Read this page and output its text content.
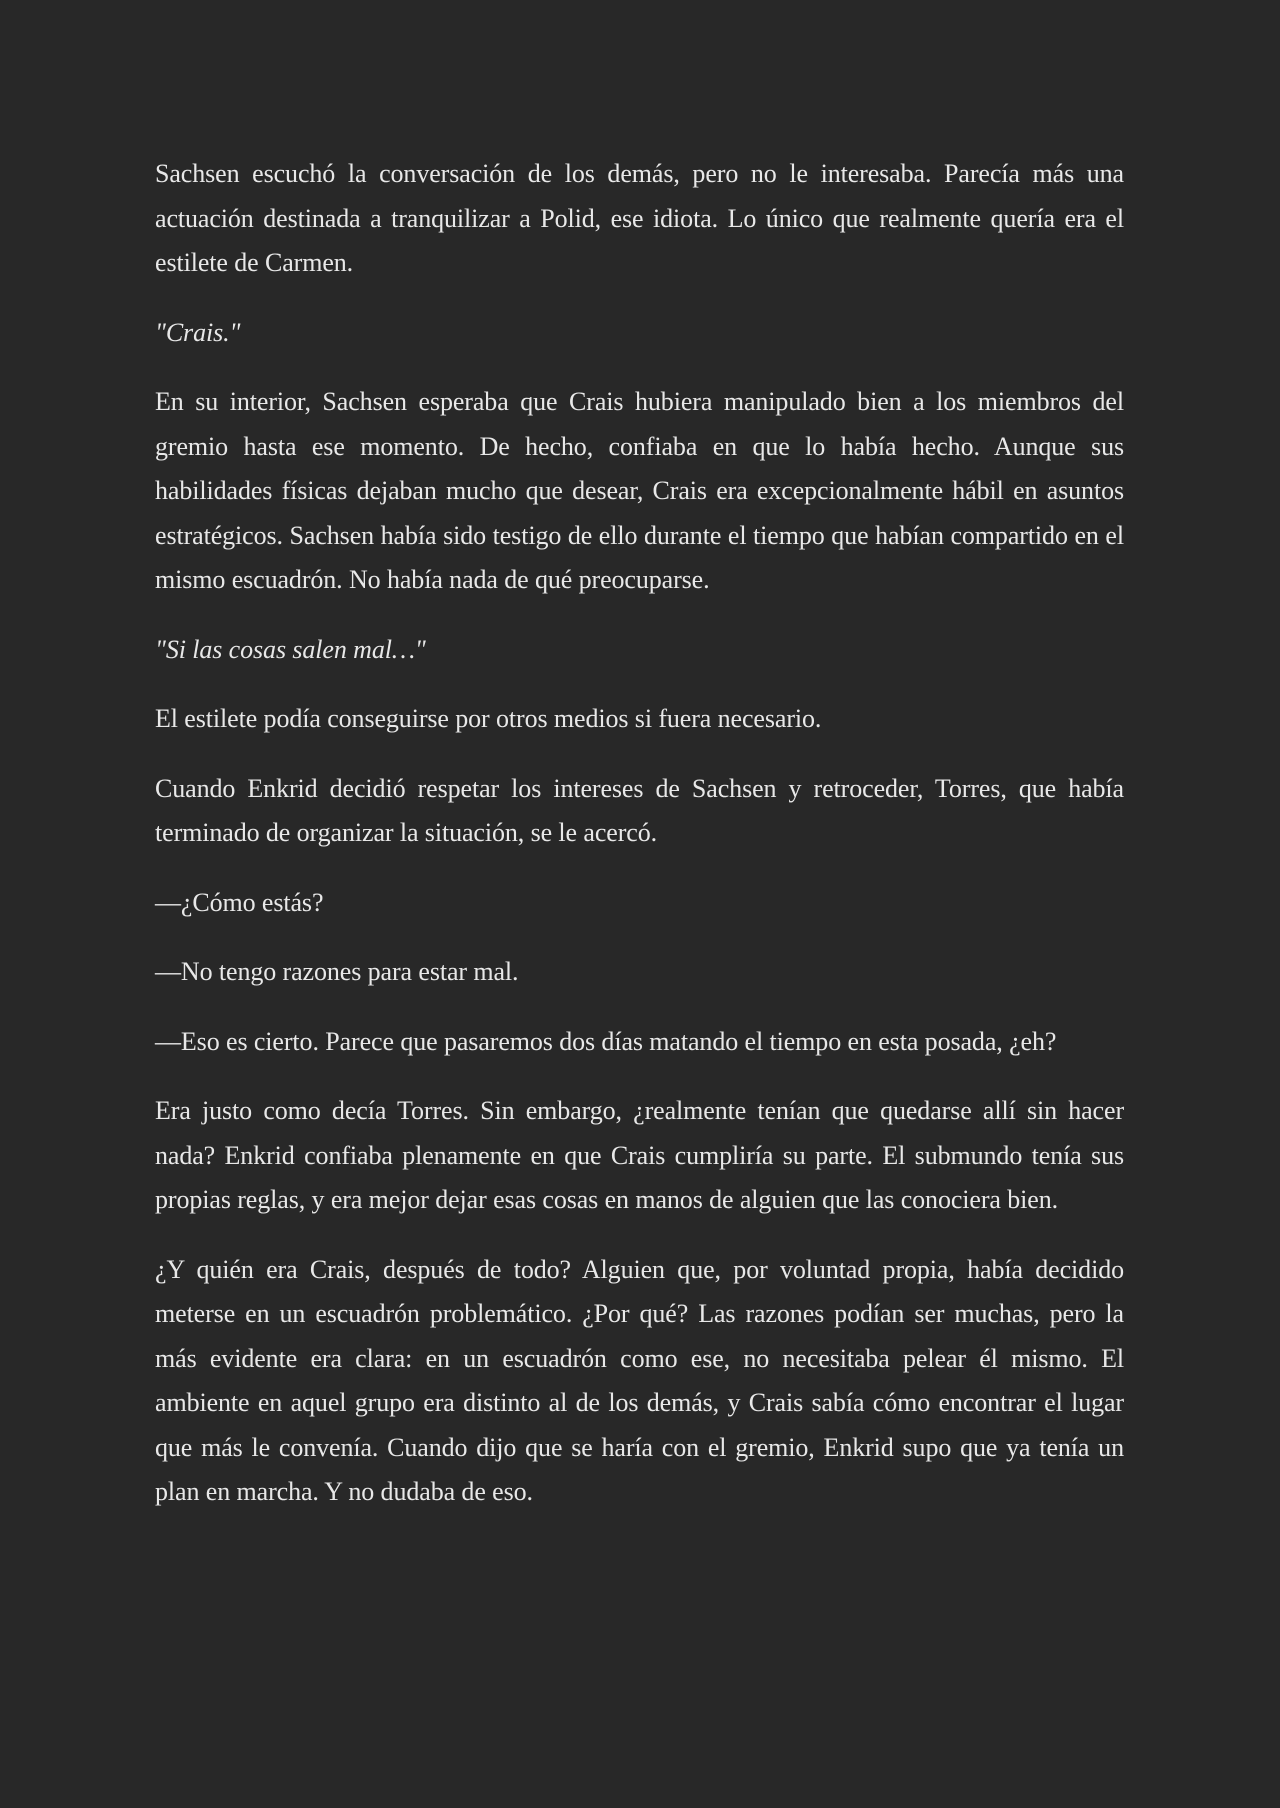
Sachsen escuchó la conversación de los demás, pero no le interesaba. Parecía más una actuación destinada a tranquilizar a Polid, ese idiota. Lo único que realmente quería era el estilete de Carmen.

"Crais."

En su interior, Sachsen esperaba que Crais hubiera manipulado bien a los miembros del gremio hasta ese momento. De hecho, confiaba en que lo había hecho. Aunque sus habilidades físicas dejaban mucho que desear, Crais era excepcionalmente hábil en asuntos estratégicos. Sachsen había sido testigo de ello durante el tiempo que habían compartido en el mismo escuadrón. No había nada de qué preocuparse.

"Si las cosas salen mal…"

El estilete podía conseguirse por otros medios si fuera necesario.

Cuando Enkrid decidió respetar los intereses de Sachsen y retroceder, Torres, que había terminado de organizar la situación, se le acercó.

—¿Cómo estás?

—No tengo razones para estar mal.

—Eso es cierto. Parece que pasaremos dos días matando el tiempo en esta posada, ¿eh?

Era justo como decía Torres. Sin embargo, ¿realmente tenían que quedarse allí sin hacer nada? Enkrid confiaba plenamente en que Crais cumpliría su parte. El submundo tenía sus propias reglas, y era mejor dejar esas cosas en manos de alguien que las conociera bien.

¿Y quién era Crais, después de todo? Alguien que, por voluntad propia, había decidido meterse en un escuadrón problemático. ¿Por qué? Las razones podían ser muchas, pero la más evidente era clara: en un escuadrón como ese, no necesitaba pelear él mismo. El ambiente en aquel grupo era distinto al de los demás, y Crais sabía cómo encontrar el lugar que más le convenía. Cuando dijo que se haría con el gremio, Enkrid supo que ya tenía un plan en marcha. Y no dudaba de eso.
